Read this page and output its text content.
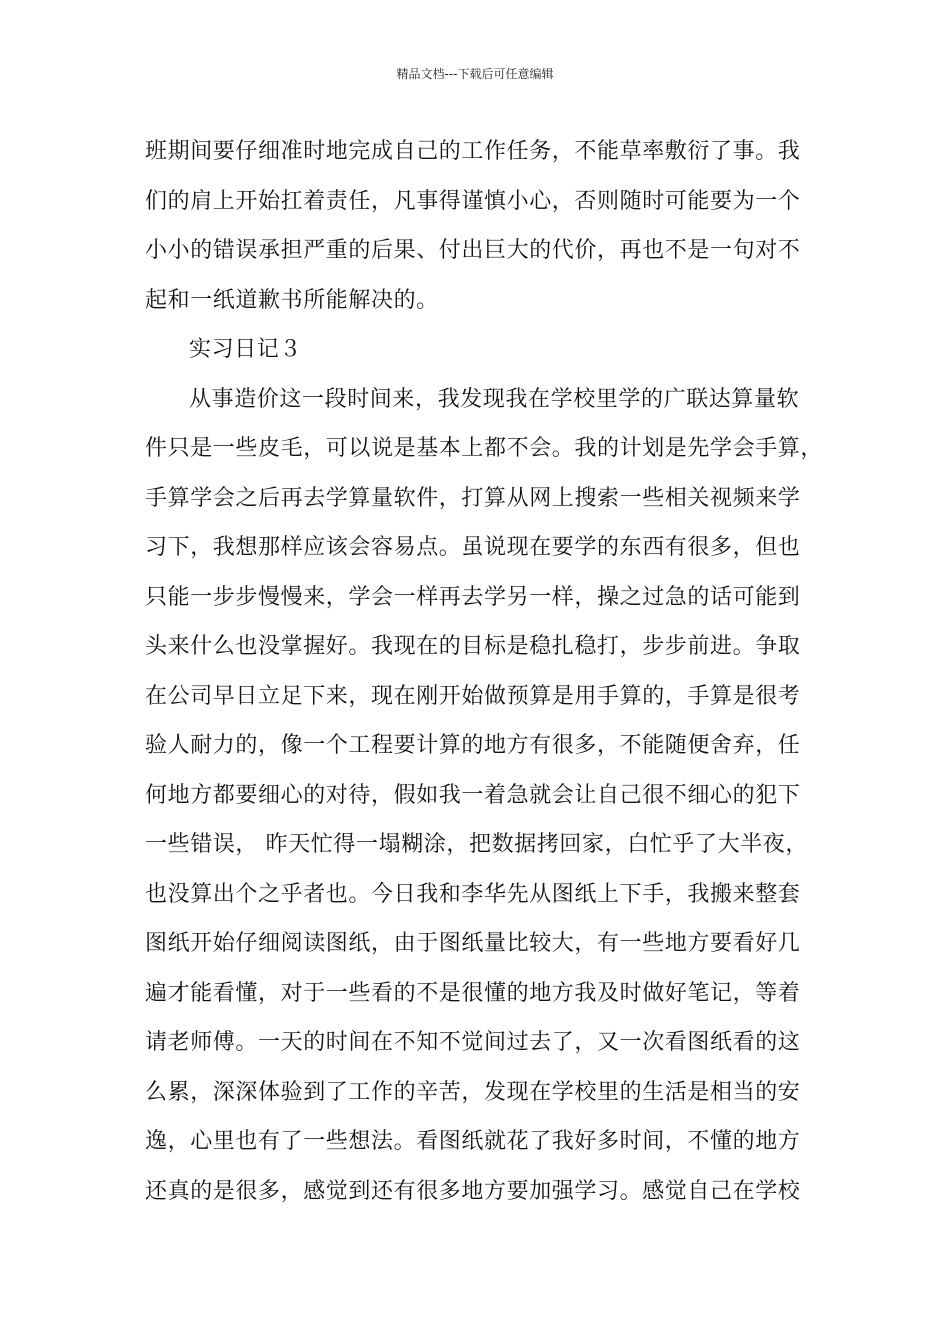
精品文档---下载后可任意编辑
班期间要仔细准时地完成自己的工作任务，不能草率敷衍了事。我
们的肩上开始扛着责任，凡事得谨慎小心，否则随时可能要为一个
小小的错误承担严重的后果、付出巨大的代价，再也不是一句对不
起和一纸道歉书所能解决的。
实习日记３
从事造价这一段时间来，我发现我在学校里学的广联达算量软
件只是一些皮毛，可以说是基本上都不会。我的计划是先学会手算，
手算学会之后再去学算量软件，打算从网上搜索一些相关视频来学
习下，我想那样应该会容易点。虽说现在要学的东西有很多，但也
只能一步步慢慢来，学会一样再去学另一样，操之过急的话可能到
头来什么也没掌握好。我现在的目标是稳扎稳打，步步前进。争取
在公司早日立足下来，现在刚开始做预算是用手算的，手算是很考
验人耐力的，像一个工程要计算的地方有很多，不能随便舍弃，任
何地方都要细心的对待，假如我一着急就会让自己很不细心的犯下
一些错误， 昨天忙得一塌糊涂，把数据拷回家，白忙乎了大半夜，
也没算出个之乎者也。今日我和李华先从图纸上下手，我搬来整套
图纸开始仔细阅读图纸，由于图纸量比较大，有一些地方要看好几
遍才能看懂，对于一些看的不是很懂的地方我及时做好笔记，等着
请老师傅。一天的时间在不知不觉间过去了，又一次看图纸看的这
么累，深深体验到了工作的辛苦，发现在学校里的生活是相当的安
逸，心里也有了一些想法。看图纸就花了我好多时间，不懂的地方
还真的是很多，感觉到还有很多地方要加强学习。感觉自己在学校
